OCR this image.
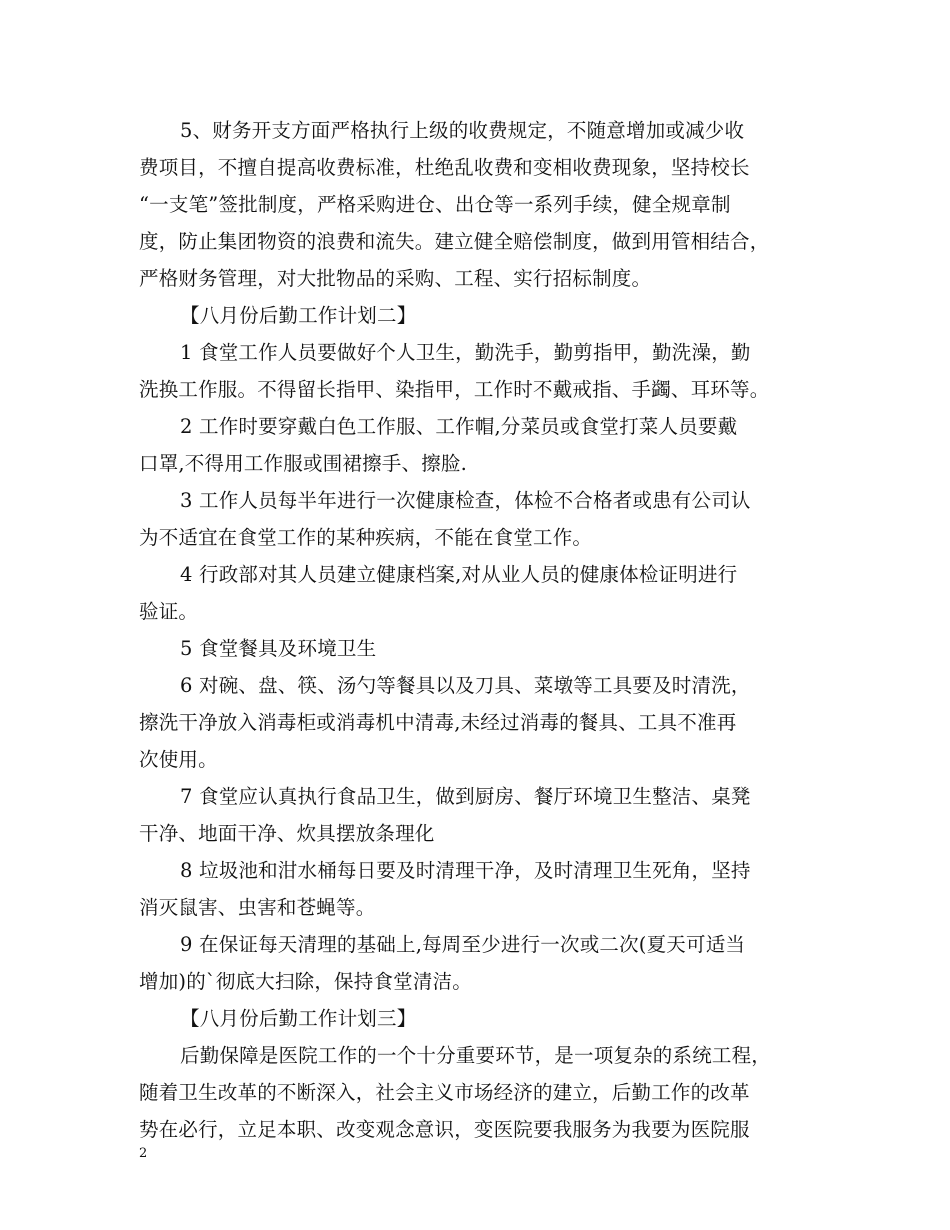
5、财务开支方面严格执行上级的收费规定，不随意增加或减少收
费项目，不擅自提高收费标准，杜绝乱收费和变相收费现象，坚持校长
“一支笔”签批制度，严格采购进仓、出仓等一系列手续，健全规章制
度，防止集团物资的浪费和流失。建立健全赔偿制度，做到用管相结合，
严格财务管理，对大批物品的采购、工程、实行招标制度。
【八月份后勤工作计划二】
1 食堂工作人员要做好个人卫生，勤洗手，勤剪指甲，勤洗澡，勤
洗换工作服。不得留长指甲、染指甲，工作时不戴戒指、手蠲、耳环等。
2 工作时要穿戴白色工作服、工作帽,分菜员或食堂打菜人员要戴
口罩,不得用工作服或围裙擦手、擦脸.
3 工作人员每半年进行一次健康检查，体检不合格者或患有公司认
为不适宜在食堂工作的某种疾病，不能在食堂工作。
4 行政部对其人员建立健康档案,对从业人员的健康体检证明进行
验证。
5 食堂餐具及环境卫生
6 对碗、盘、筷、汤勺等餐具以及刀具、菜墩等工具要及时清洗，
擦洗干净放入消毒柜或消毒机中清毒,未经过消毒的餐具、工具不准再
次使用。
7 食堂应认真执行食品卫生，做到厨房、餐厅环境卫生整洁、桌凳
干净、地面干净、炊具摆放条理化
8 垃圾池和泔水桶每日要及时清理干净，及时清理卫生死角，坚持
消灭鼠害、虫害和苍蝇等。
9 在保证每天清理的基础上,每周至少进行一次或二次(夏天可适当
增加)的`彻底大扫除，保持食堂清洁。
【八月份后勤工作计划三】
后勤保障是医院工作的一个十分重要环节，是一项复杂的系统工程，
随着卫生改革的不断深入，社会主义市场经济的建立，后勤工作的改革
势在必行，立足本职、改变观念意识，变医院要我服务为我要为医院服
2
